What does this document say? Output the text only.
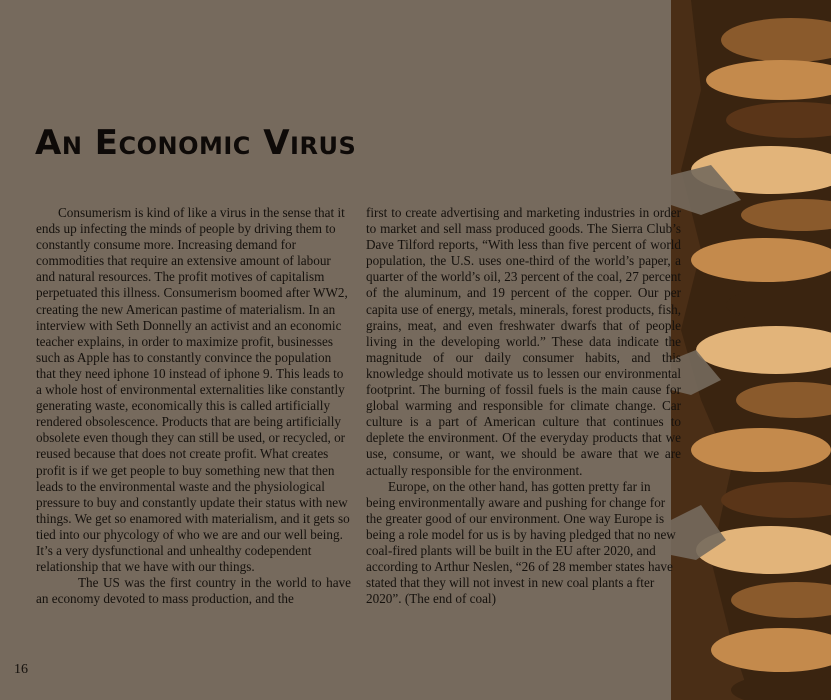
An Economic Virus

Consumerism is kind of like a virus in the sense that it ends up infecting the minds of people by driving them to constantly consume more. Increasing demand for commodities that require an extensive amount of labour and natural resources. The profit motives of capitalism perpetuated this illness. Consumerism boomed after WW2, creating the new American pastime of materialism. In an interview with Seth Donnelly an activist and an economic teacher explains, in order to maximize profit, businesses such as Apple has to constantly convince the population that they need iphone 10 instead of iphone 9. This leads to a whole host of environmental externalities like constantly generating waste, economically this is called artificially rendered obsolescence. Products that are being artificially obsolete even though they can still be used, or recycled, or reused because that does not create profit. What creates profit is if we get people to buy something new that then leads to the environmental waste and the physiological pressure to buy and constantly update their status with new things. We get so enamored with materialism, and it gets so tied into our phycology of who we are and our well being. It’s a very dysfunctional and unhealthy codependent relationship that we have with our things.

The US was the first country in the world to have an economy devoted to mass production, and the

first to create advertising and marketing industries in order to market and sell mass produced goods. The Sierra Club’s Dave Tilford reports, “With less than five percent of world population, the U.S. uses one-third of the world’s paper, a quarter of the world’s oil, 23 percent of the coal, 27 percent of the aluminum, and 19 percent of the copper. Our per capita use of energy, metals, minerals, forest products, fish, grains, meat, and even freshwater dwarfs that of people living in the developing world.” These data indicate the magnitude of our daily consumer habits, and this knowledge should motivate us to lessen our environmental footprint. The burning of fossil fuels is the main cause for global warming and responsible for climate change. Car culture is a part of American culture that continues to deplete the environment. Of the everyday products that we use, consume, or want, we should be aware that we are actually responsible for the environment.

Europe, on the other hand, has gotten pretty far in being environmentally aware and pushing for change for the greater good of our environment. One way Europe is being a role model for us is by having pledged that no new coal-fired plants will be built in the EU after 2020, and according to Arthur Neslen, “26 of 28 member states have stated that they will not invest in new coal plants a fter 2020”. (The end of coal)

16
